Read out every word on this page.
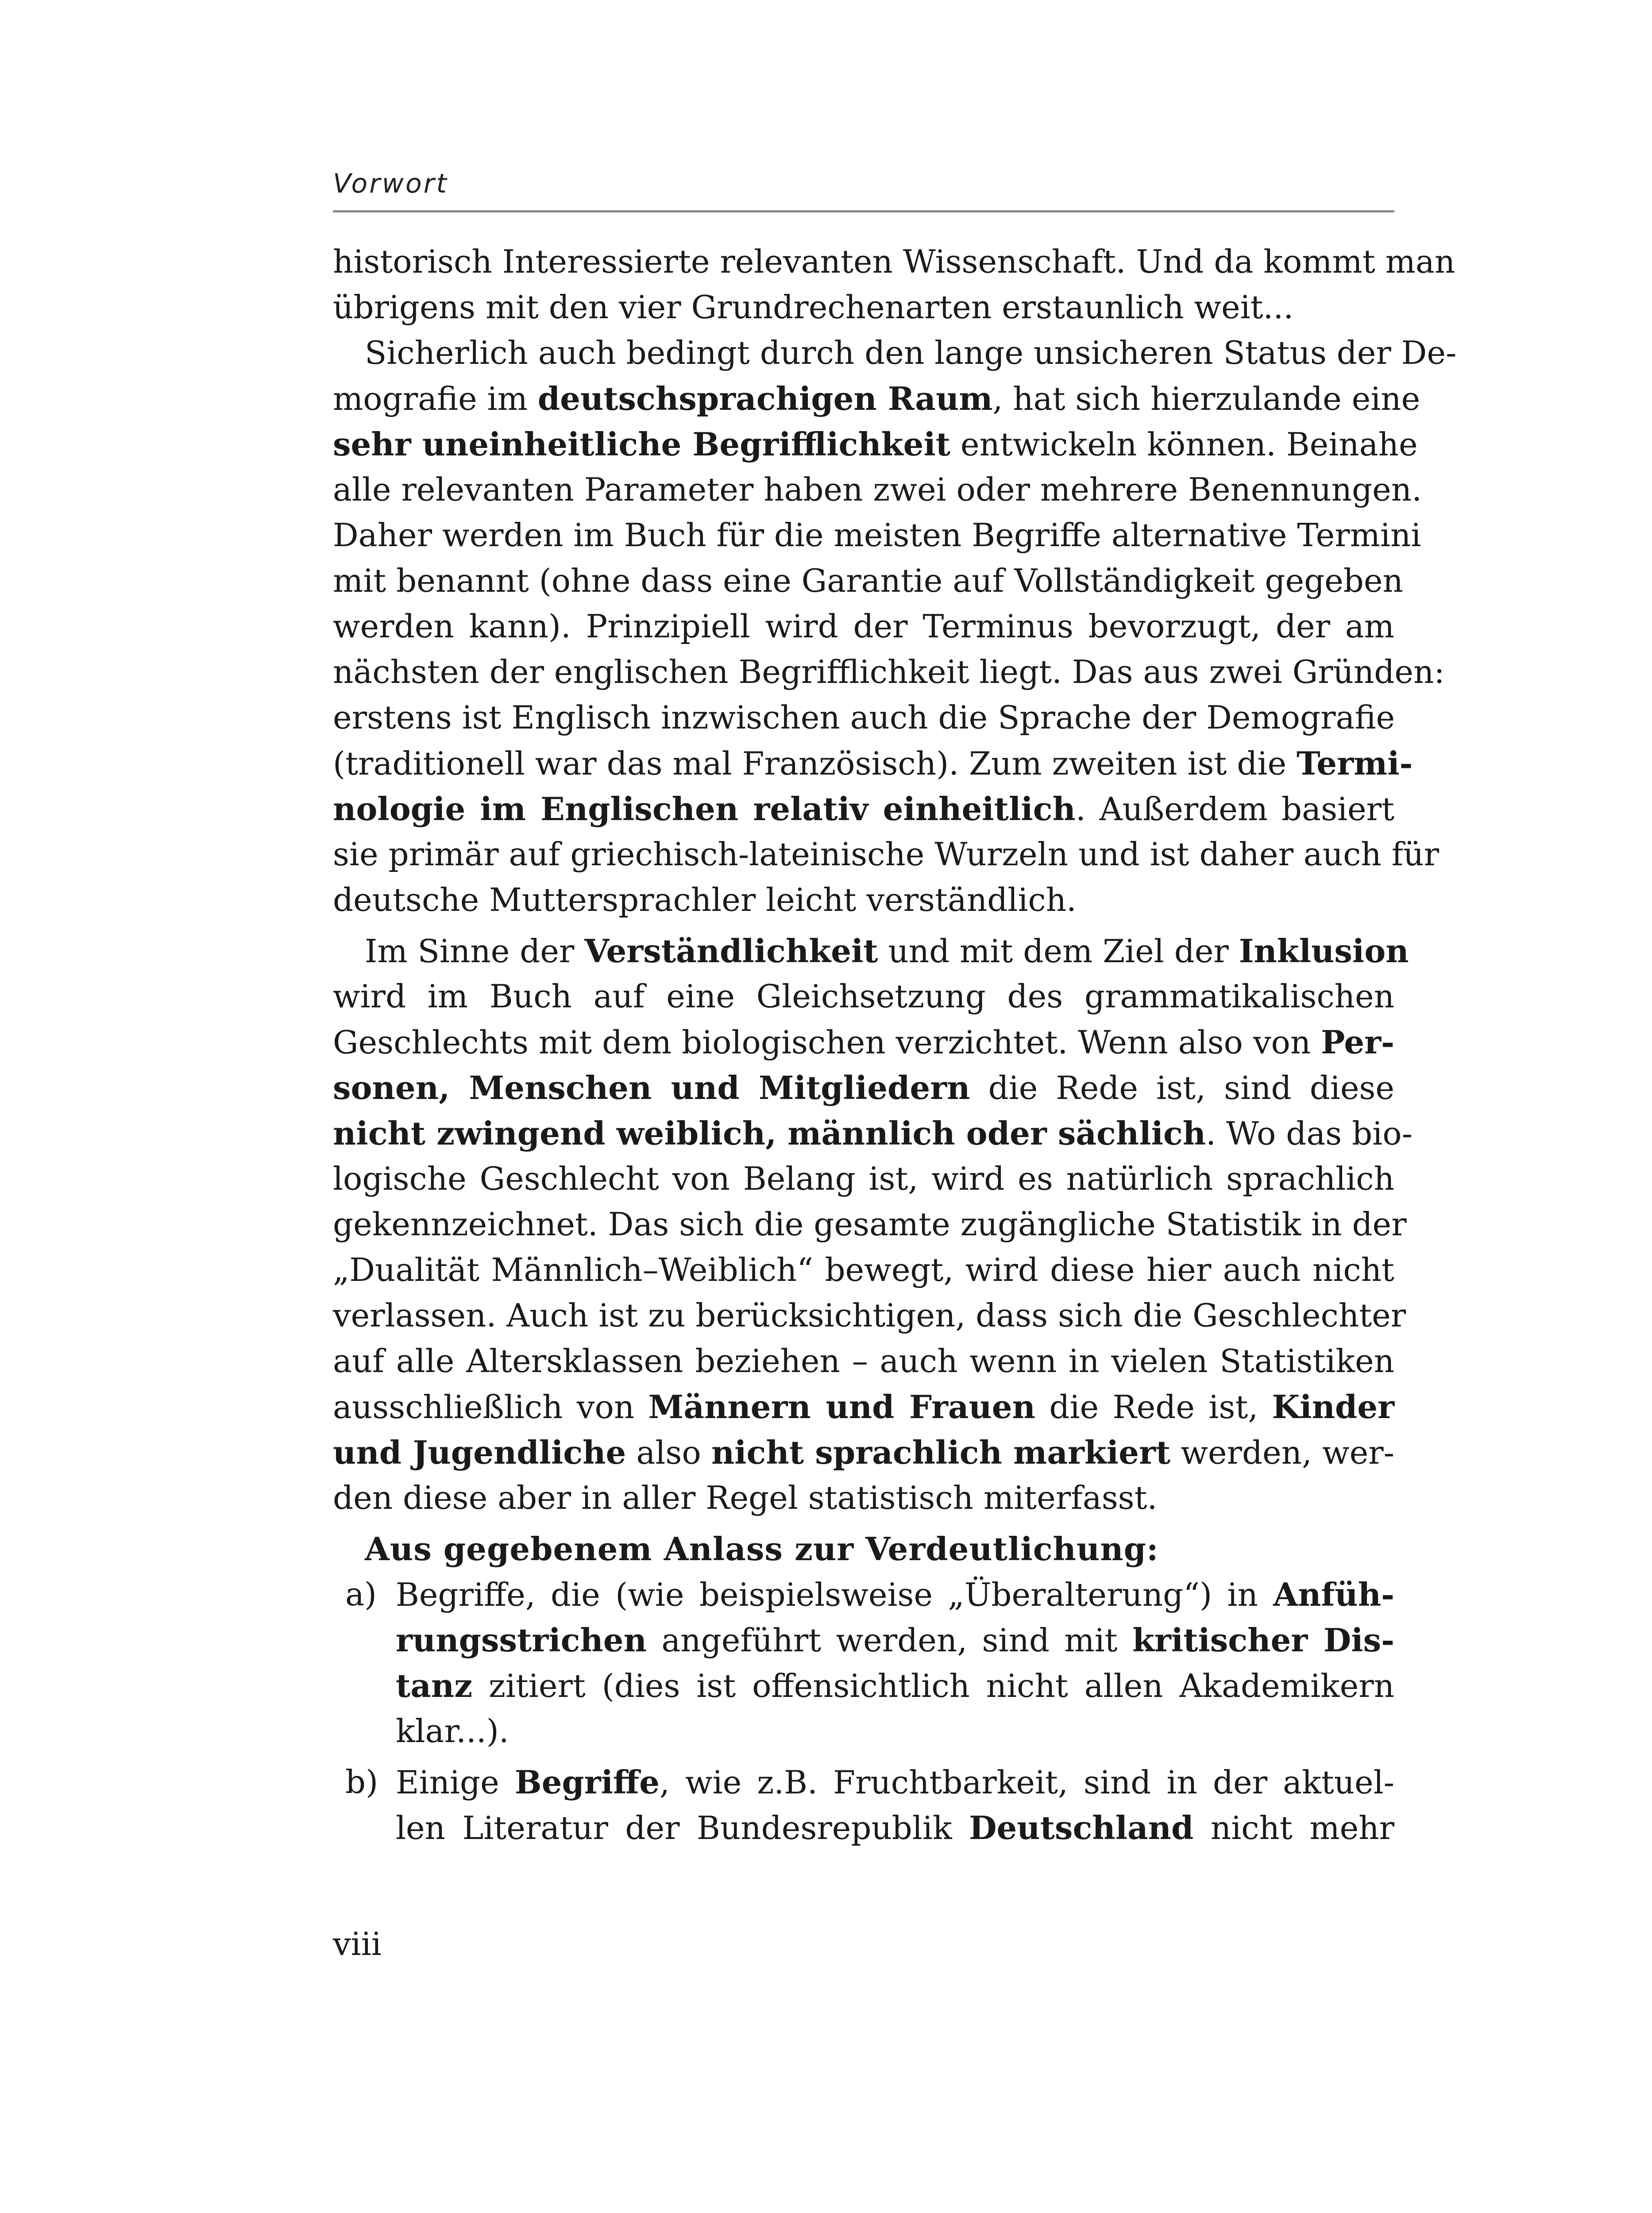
Vorwort
historisch Interessierte relevanten Wissenschaft. Und da kommt man
übrigens mit den vier Grundrechenarten erstaunlich weit...
Sicherlich auch bedingt durch den lange unsicheren Status der De-
mografie im deutschsprachigen Raum, hat sich hierzulande eine
sehr uneinheitliche Begrifflichkeit entwickeln können. Beinahe
alle relevanten Parameter haben zwei oder mehrere Benennungen.
Daher werden im Buch für die meisten Begriffe alternative Termini
mit benannt (ohne dass eine Garantie auf Vollständigkeit gegeben
werden kann). Prinzipiell wird der Terminus bevorzugt, der am
nächsten der englischen Begrifflichkeit liegt. Das aus zwei Gründen:
erstens ist Englisch inzwischen auch die Sprache der Demografie
(traditionell war das mal Französisch). Zum zweiten ist die Termi-
nologie im Englischen relativ einheitlich. Außerdem basiert
sie primär auf griechisch-lateinische Wurzeln und ist daher auch für
deutsche Muttersprachler leicht verständlich.
Im Sinne der Verständlichkeit und mit dem Ziel der Inklusion
wird im Buch auf eine Gleichsetzung des grammatikalischen
Geschlechts mit dem biologischen verzichtet. Wenn also von Per-
sonen, Menschen und Mitgliedern die Rede ist, sind diese
nicht zwingend weiblich, männlich oder sächlich. Wo das bio-
logische Geschlecht von Belang ist, wird es natürlich sprachlich
gekennzeichnet. Das sich die gesamte zugängliche Statistik in der
„Dualität Männlich–Weiblich“ bewegt, wird diese hier auch nicht
verlassen. Auch ist zu berücksichtigen, dass sich die Geschlechter
auf alle Altersklassen beziehen – auch wenn in vielen Statistiken
ausschließlich von Männern und Frauen die Rede ist, Kinder
und Jugendliche also nicht sprachlich markiert werden, wer-
den diese aber in aller Regel statistisch miterfasst.
Aus gegebenem Anlass zur Verdeutlichung:
a) Begriffe, die (wie beispielsweise „Überalterung“) in Anfüh-
rungsstrichen angeführt werden, sind mit kritischer Dis-
tanz zitiert (dies ist offensichtlich nicht allen Akademikern
klar...).
b) Einige Begriffe, wie z.B. Fruchtbarkeit, sind in der aktuel-
len Literatur der Bundesrepublik Deutschland nicht mehr
viii
